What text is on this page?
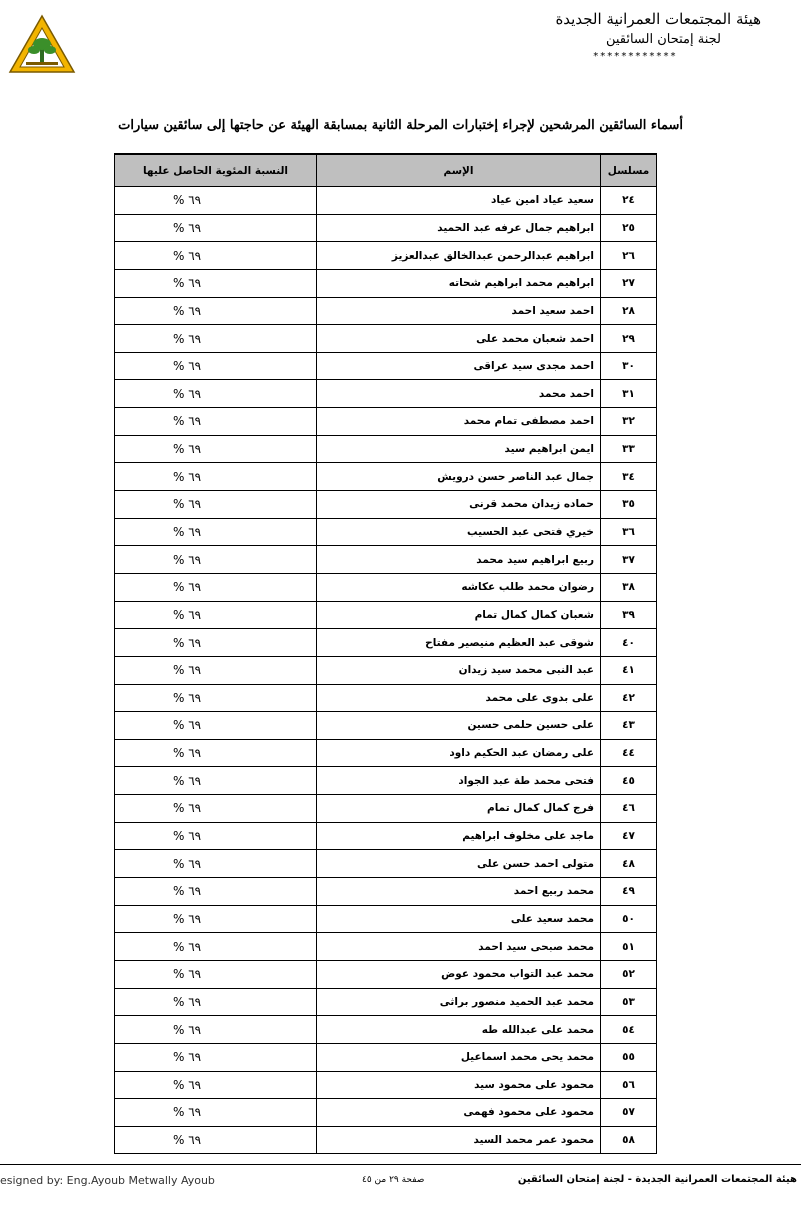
هيئة المجتمعات العمرانية الجديدة
لجنة إمتحان السائقين
************
أسماء السائقين المرشحين لإجراء إختبارات المرحلة الثانية بمسابقة الهيئة عن حاجتها إلى سائقين سيارات
مسلسل	الإسم	النسبة المئوية الحاصل عليها
٢٤	سعيد عياد امين عياد	٦٩ %
٢٥	ابراهيم جمال عرفه عبد الحميد	٦٩ %
٢٦	ابراهيم عبدالرحمن عبدالخالق عبدالعزيز	٦٩ %
٢٧	ابراهيم محمد ابراهيم شحاته	٦٩ %
٢٨	احمد سعيد احمد	٦٩ %
٢٩	احمد شعبان محمد على	٦٩ %
٣٠	احمد مجدى سيد عراقى	٦٩ %
٣١	احمد محمد	٦٩ %
٣٢	احمد مصطفى تمام محمد	٦٩ %
٣٣	ايمن ابراهيم سيد	٦٩ %
٣٤	جمال عبد الناصر حسن درويش	٦٩ %
٣٥	حماده زيدان محمد قرنى	٦٩ %
٣٦	خيري فتحى عبد الحسيب	٦٩ %
٣٧	ربيع ابراهيم سيد محمد	٦٩ %
٣٨	رضوان محمد طلب عكاشه	٦٩ %
٣٩	شعبان كمال كمال تمام	٦٩ %
٤٠	شوقى عبد العظيم منيصير مفتاح	٦٩ %
٤١	عبد النبى محمد سيد زيدان	٦٩ %
٤٢	على بدوى على محمد	٦٩ %
٤٣	على حسين حلمى حسين	٦٩ %
٤٤	على رمضان عبد الحكيم داود	٦٩ %
٤٥	فتحى محمد طة عبد الجواد	٦٩ %
٤٦	فرج كمال كمال تمام	٦٩ %
٤٧	ماجد على مخلوف ابراهيم	٦٩ %
٤٨	متولى احمد حسن على	٦٩ %
٤٩	محمد ربيع احمد	٦٩ %
٥٠	محمد سعيد على	٦٩ %
٥١	محمد صبحى سيد احمد	٦٩ %
٥٢	محمد عبد التواب محمود عوض	٦٩ %
٥٣	محمد عبد الحميد منصور براثى	٦٩ %
٥٤	محمد على عبدالله طه	٦٩ %
٥٥	محمد يحى محمد اسماعيل	٦٩ %
٥٦	محمود على محمود سيد	٦٩ %
٥٧	محمود على محمود فهمى	٦٩ %
٥٨	محمود عمر محمد السيد	٦٩ %
esigned by: Eng.Ayoub Metwally Ayoub	صفحة ٢٩ من ٤٥	هيئة المجتمعات العمرانية الجديدة - لجنة إمتحان السائقين
